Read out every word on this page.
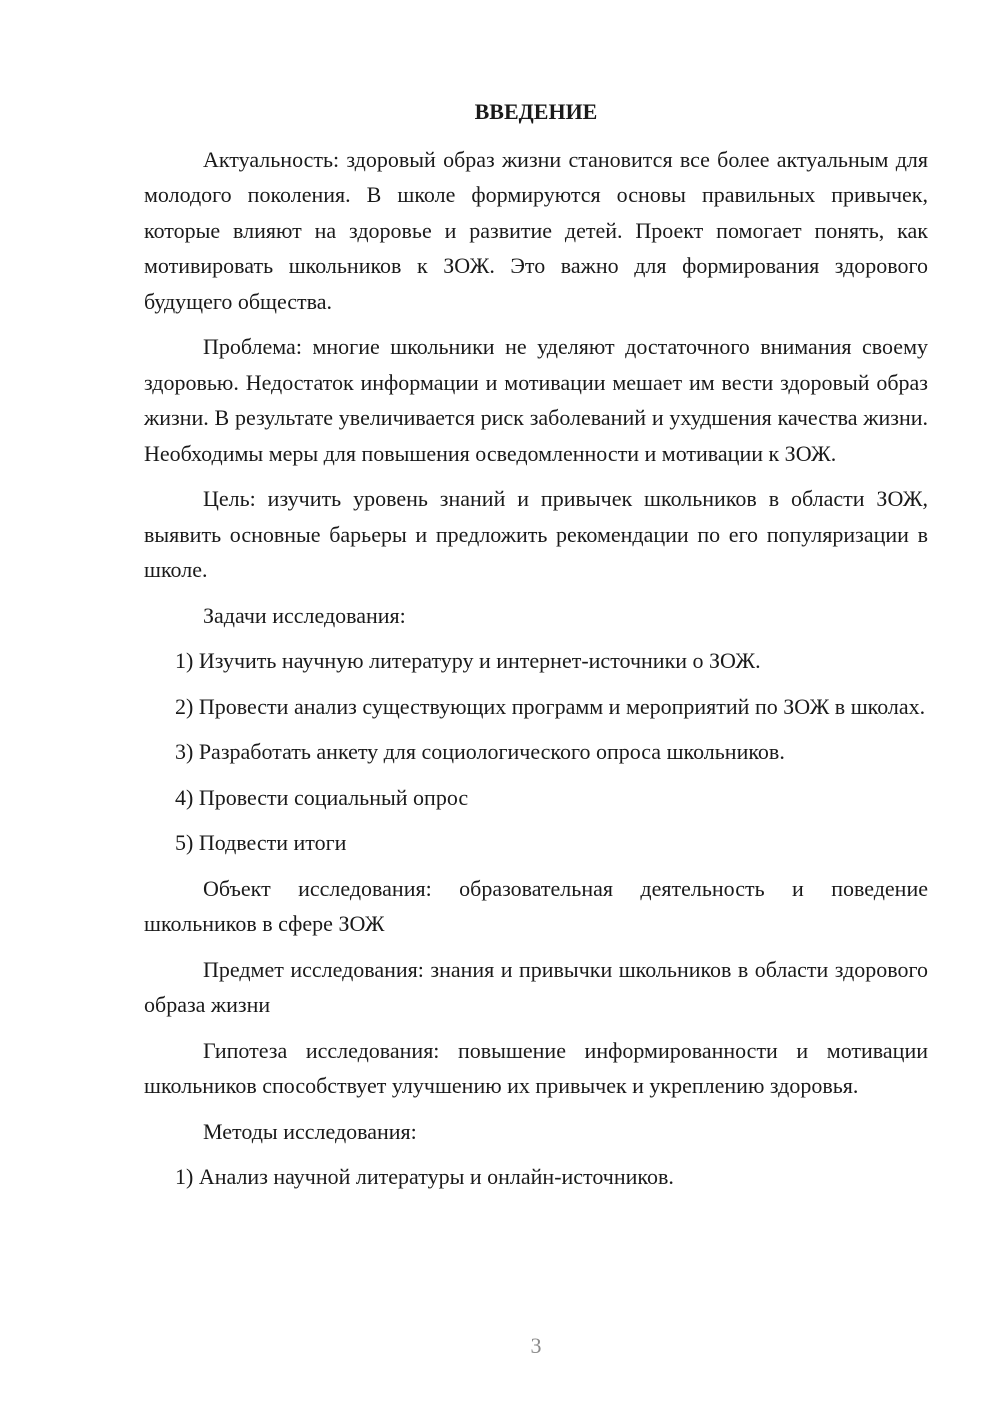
ВВЕДЕНИЕ

Актуальность: здоровый образ жизни становится все более актуальным для молодого поколения. В школе формируются основы правильных привычек, которые влияют на здоровье и развитие детей. Проект помогает понять, как мотивировать школьников к ЗОЖ. Это важно для формирования здорового будущего общества.

Проблема: многие школьники не уделяют достаточного внимания своему здоровью. Недостаток информации и мотивации мешает им вести здоровый образ жизни. В результате увеличивается риск заболеваний и ухудшения качества жизни. Необходимы меры для повышения осведомленности и мотивации к ЗОЖ.

Цель: изучить уровень знаний и привычек школьников в области ЗОЖ, выявить основные барьеры и предложить рекомендации по его популяризации в школе.

Задачи исследования:

1) Изучить научную литературу и интернет-источники о ЗОЖ.

2) Провести анализ существующих программ и мероприятий по ЗОЖ в школах.

3) Разработать анкету для социологического опроса школьников.

4) Провести социальный опрос

5) Подвести итоги

Объект исследования: образовательная деятельность и поведение школьников в сфере ЗОЖ

Предмет исследования: знания и привычки школьников в области здорового образа жизни

Гипотеза исследования: повышение информированности и мотивации школьников способствует улучшению их привычек и укреплению здоровья.

Методы исследования:

1) Анализ научной литературы и онлайн-источников.

3
